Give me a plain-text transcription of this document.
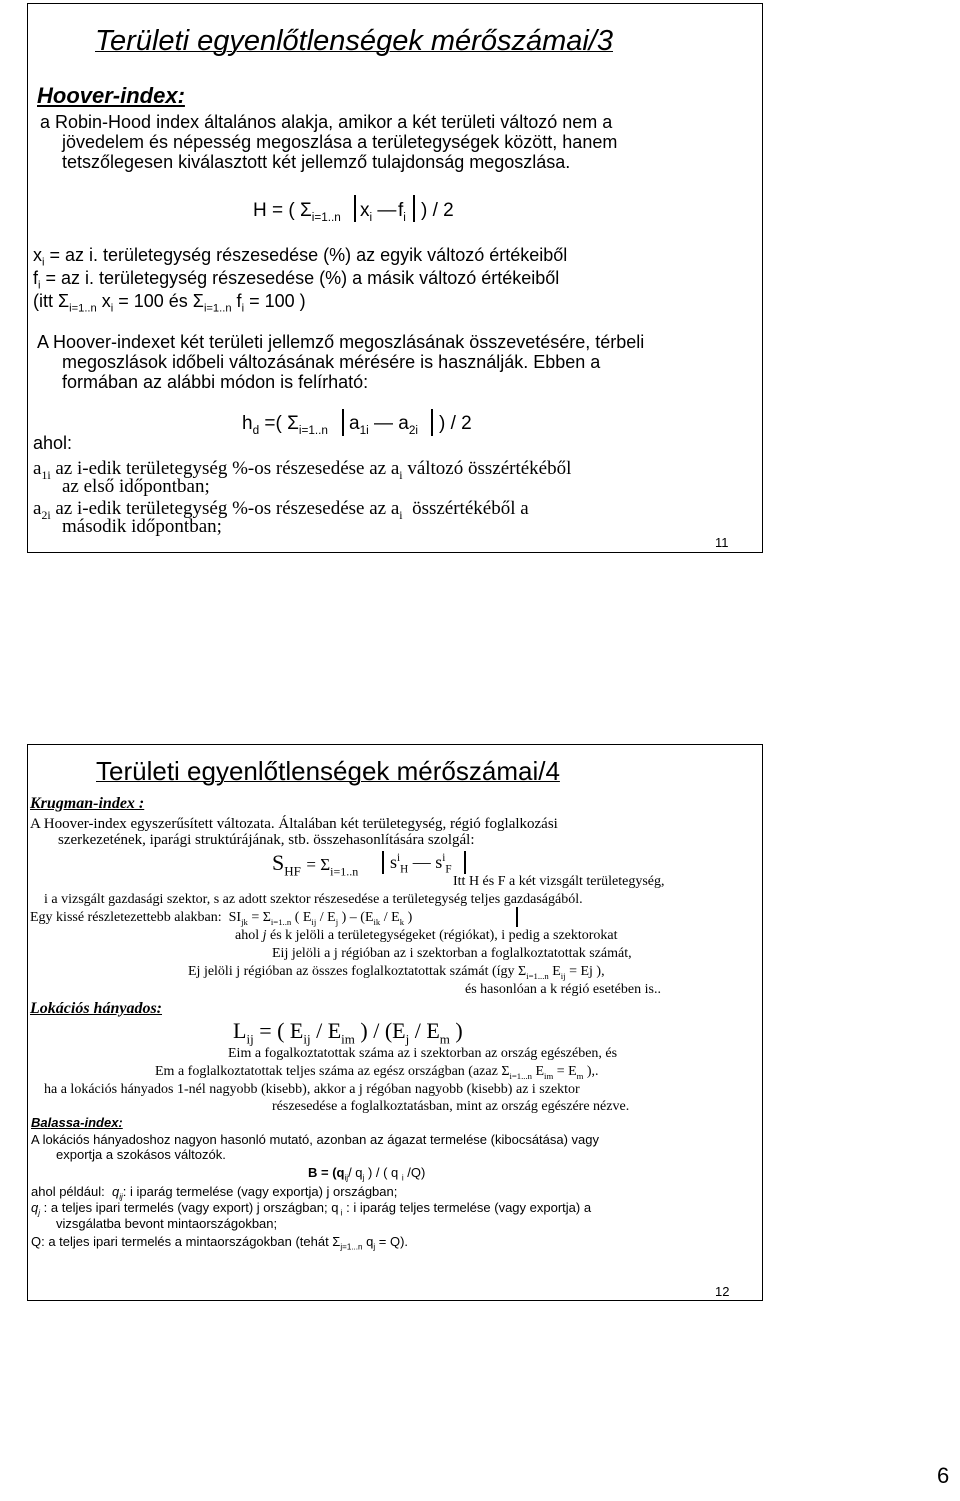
Területi egyenlőtlenségek mérőszámai/3
Hoover-index:
a Robin-Hood index általános alakja, amikor a két területi változó nem a
jövedelem és népesség megoszlása a területegységek között, hanem
tetszőlegesen kiválasztott két jellemző tulajdonság megoszlása.
H = ( $\Sigma_{i=1..n}$ $x_i$ — $f_i$ ) / 2
$x_i$ = az i. területegység részesedése (%) az egyik változó értékeiből
$f_i$ = az i. területegység részesedése (%) a másik változó értékeiből
(itt $\Sigma_{i=1..n}$ $x_i = 100$ és $\Sigma_{i=1..n}$ $f_i = 100$ )
A Hoover-indexet két területi jellemző megoszlásának összevetésére, térbeli
megoszlások időbeli változásának mérésére is használják. Ebben a
formában az alábbi módon is felírható:
$h_d$ =( $\Sigma_{i=1..n}$ $a_{1i}$ — $a_{2i}$ ) / 2
ahol:
$a_{1i}$ az i-edik területegység %-os részesedése az $a_i$ változó összértékéből
az első időpontban;
$a_{2i}$ az i-edik területegység %-os részesedése az $a_i$ összértékéből a
második időpontban;
11
Területi egyenlőtlenségek mérőszámai/4
Krugman-index :
A Hoover-index egyszerűsített változata. Általában két területegység, régió foglalkozási
szerkezetének, iparági struktúrájának, stb. összehasonlítására szolgál:
$S_{HF} = \Sigma_{i=1..n}$ $s^i_H$ — $s^i_F$
Itt H és F a két vizsgált területegység,
i a vizsgált gazdasági szektor, s az adott szektor részesedése a területegység teljes gazdaságából.
Egy kissé részletezettebb alakban:  $SI_{jk} = \Sigma_{i=1..n}$ ( $E_{ij} / E_j$ ) – ($E_{ik} / E_k$ )
ahol j és k jelöli a területegységeket (régiókat), i pedig a szektorokat
Eij jelöli a j régióban az i szektorban a foglalkoztatottak számát,
Ej jelöli j régióban az összes foglalkoztatottak számát (így $\Sigma_{i=1...n}$ $E_{ij} = Ej$ ),
és hasonlóan a k régió esetében is..
Lokációs hányados:
$L_{ij}$ = ( $E_{ij} / E_{im}$ ) / ($E_j / E_m$ )
Eim a fogalkoztatottak száma az i szektorban az ország egészében, és
Em a foglalkoztatottak teljes száma az egész országban (azaz $\Sigma_{i=1...n}$ $E_{im} = E_m$ ),.
ha a lokációs hányados 1-nél nagyobb (kisebb), akkor a j régóban nagyobb (kisebb) az i szektor
részesedése a foglalkoztatásban, mint az ország egészére nézve.
Balassa-index:
A lokációs hányadoshoz nagyon hasonló mutató, azonban az ágazat termelése (kibocsátása) vagy
exportja a szokásos változók.
$B = (q_{ij}/$ $q_j$ ) / ( q $_i$ /Q)
ahol például: $q_{ij}$: i iparág termelése (vagy exportja) j országban;
$q_j$ : a teljes ipari termelés (vagy export) j országban; q $_i$ : i iparág teljes termelése (vagy exportja) a
vizsgálatba bevont mintaországokban;
Q: a teljes ipari termelés a mintaországokban (tehát $\Sigma_{j=1...n}$ $q_j = Q$).
12
6
